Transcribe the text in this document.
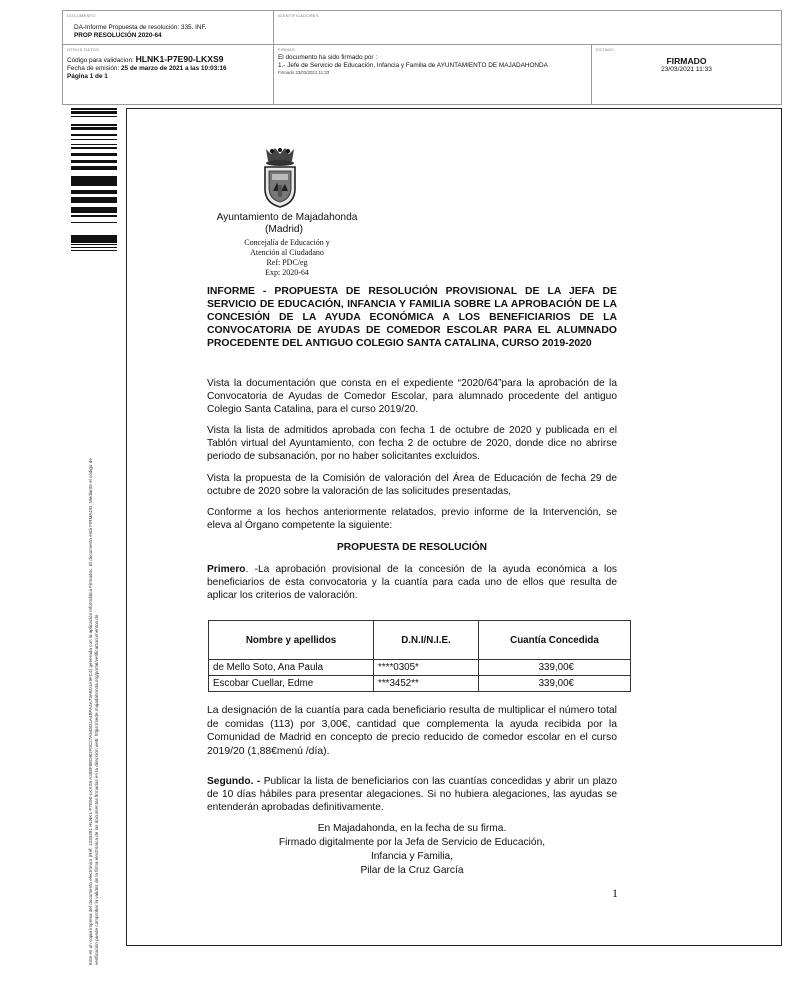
DOCUMENTO
DA-Informe Propuesta de resolución: 335. INF.
PROP RESOLUCIÓN 2020-64
IDENTIFICADORES
OTROS DATOS
Código para validacion: HLNK1-P7E90-LKXS9
Fecha de emisión: 25 de marzo de 2021 a las 10:03:16
Página 1 de 1
FIRMAS
El documento ha sido firmado por :
1.- Jefe de Servicio de Educación, Infancia y Familia de AYUNTAMIENTO DE MAJADAHONDA
Firmado 23/03/2021 11:33
ESTADO
FIRMADO
23/03/2021 11:33
Este es un copia impresa del documento electrónico (Ref: 1333491 HLNK1-P7E90-LKXS9 A258F8ED6DF0C27A545D1A4BFA4A73A6D1A9FC4) generada con la aplicación informática Firmadoc. El documento está FIRMADO. Mediante el código de verificación puede comprobar la validez de la firma electrónica de los documentos firmados en la dirección web: https://sede.majadahonda.org/portal/verificaDocumentos.do
Ayuntamiento de Majadahonda
(Madrid)
Concejalía de Educación y
Atención al Ciudadano
Ref: PDC/eg
Exp: 2020-64
INFORME - PROPUESTA DE RESOLUCIÓN PROVISIONAL DE LA JEFA DE SERVICIO DE EDUCACIÓN, INFANCIA Y FAMILIA SOBRE LA APROBACIÓN DE LA CONCESIÓN DE LA AYUDA ECONÓMICA A LOS BENEFICIARIOS DE LA CONVOCATORIA DE AYUDAS DE COMEDOR ESCOLAR PARA EL ALUMNADO PROCEDENTE DEL ANTIGUO COLEGIO SANTA CATALINA, CURSO 2019-2020
Vista la documentación que consta en el expediente “2020/64”para la aprobación de la Convocatoria de Ayudas de Comedor Escolar, para alumnado procedente del antiguo Colegio Santa Catalina, para el curso 2019/20.
Vista la lista de admitidos aprobada con fecha 1 de octubre de 2020 y publicada en el Tablón virtual del Ayuntamiento, con fecha 2 de octubre de 2020, donde dice no abrirse periodo de subsanación, por no haber solicitantes excluidos.
Vista la propuesta de la Comisión de valoración del Área de Educación de fecha 29 de octubre de 2020 sobre la valoración de las solicitudes presentadas,
Conforme a los hechos anteriormente relatados, previo informe de la Intervención, se eleva al Órgano competente la siguiente:
PROPUESTA DE RESOLUCIÓN
Primero. -La aprobación provisional de la concesión de la ayuda económica a los beneficiarios de esta convocatoria y la cuantía para cada uno de ellos que resulta de aplicar los criterios de valoración.
Nombre y apellidos	D.N.I/N.I.E.	Cuantía Concedida
de Mello Soto, Ana Paula	****0305*	339,00€
Escobar Cuellar, Edme	***3452**	339,00€
La designación de la cuantía para cada beneficiario resulta de multiplicar el número total de comidas (113) por 3,00€, cantidad que complementa la ayuda recibida por la Comunidad de Madrid en concepto de precio reducido de comedor escolar en el curso 2019/20 (1,88€menú /día).
Segundo. - Publicar la lista de beneficiarios con las cuantías concedidas y abrir un plazo de 10 días hábiles para presentar alegaciones. Si no hubiera alegaciones, las ayudas se entenderán aprobadas definitivamente.
En Majadahonda, en la fecha de su firma.
Firmado digitalmente por la Jefa de Servicio de Educación,
Infancia y Familia,
Pilar de la Cruz García
1
